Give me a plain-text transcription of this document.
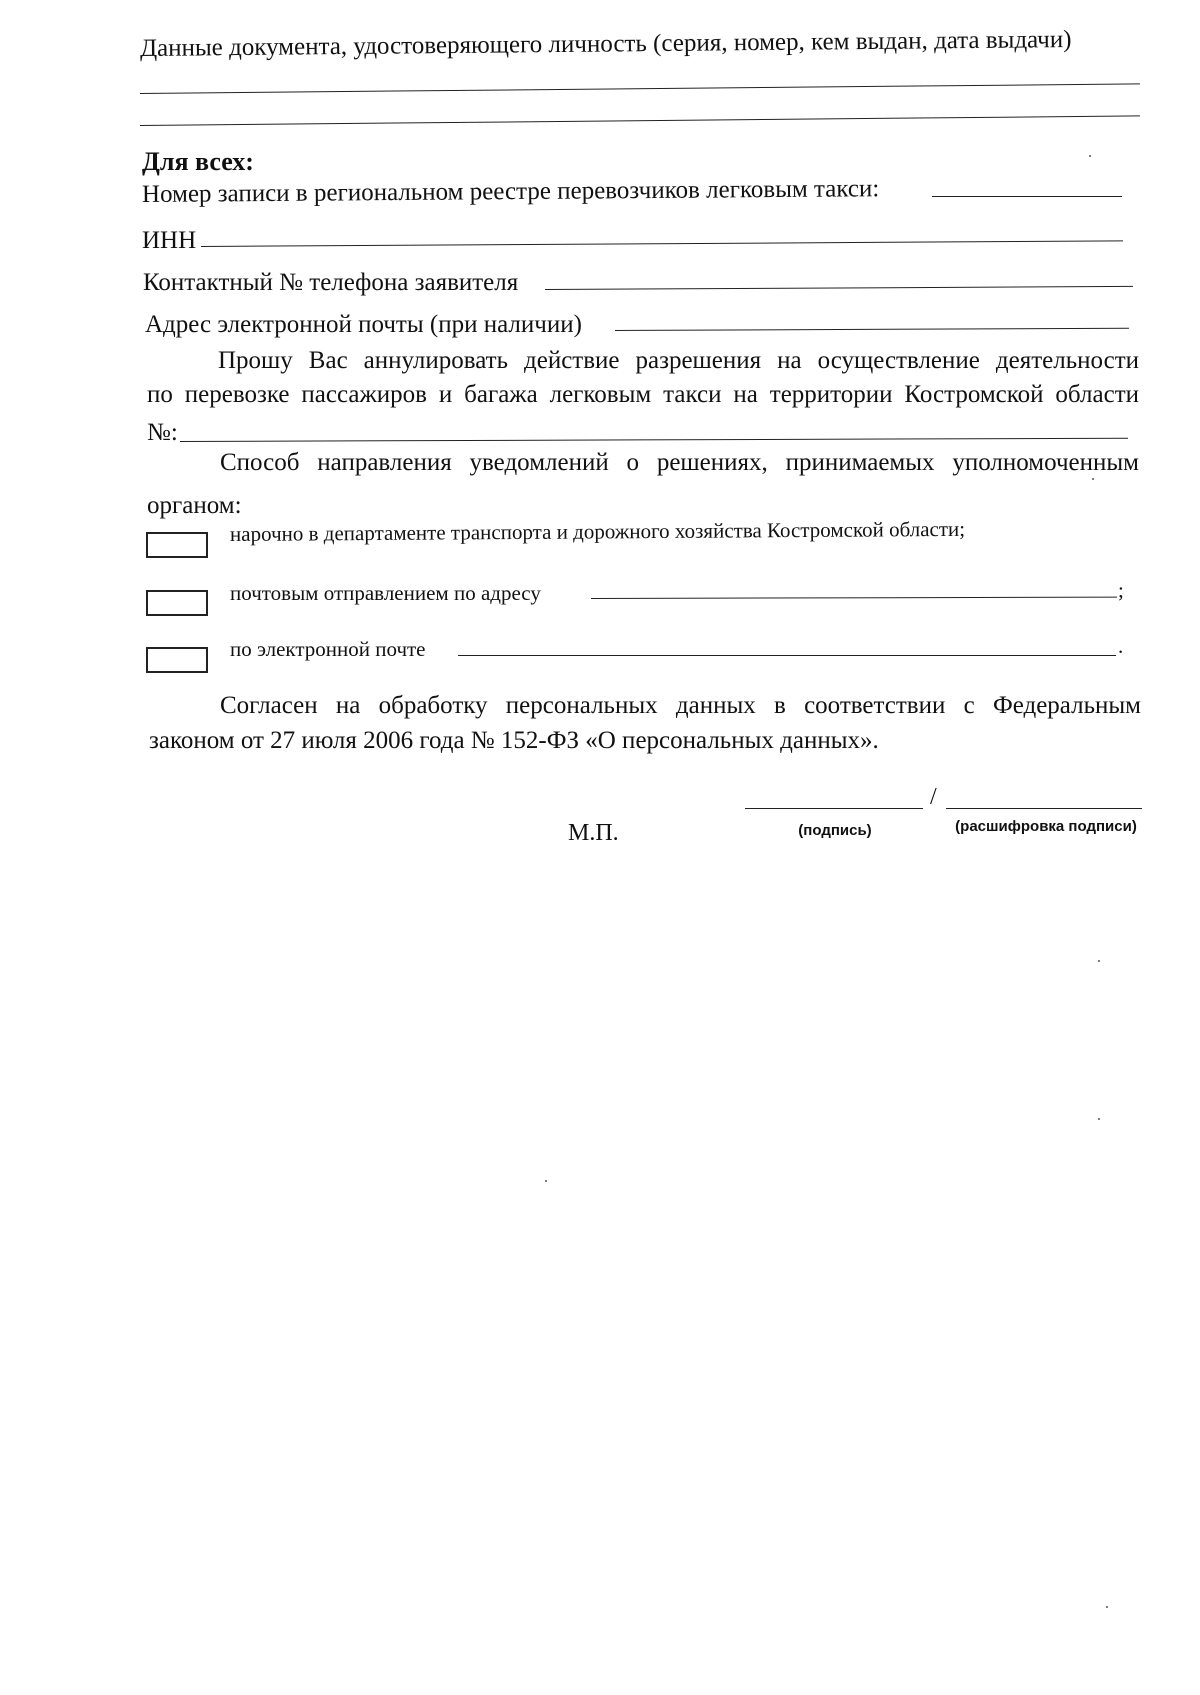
Данные документа, удостоверяющего личность (серия, номер, кем выдан, дата выдачи)
Для всех:
Номер записи в региональном реестре перевозчиков легковым такси:
ИНН
Контактный № телефона заявителя
Адрес электронной почты (при наличии)
Прошу Вас аннулировать действие разрешения на осуществление деятельности
по перевозке пассажиров и багажа легковым такси на территории Костромской области
№:
Способ направления уведомлений о решениях, принимаемых уполномоченным
органом:
нарочно в департаменте транспорта и дорожного хозяйства Костромской области;
почтовым отправлением по адресу	;
по электронной почте	.
Согласен на обработку персональных данных в соответствии с Федеральным
законом от 27 июля 2006 года № 152-ФЗ «О персональных данных».
/
М.П.	(подпись)	(расшифровка подписи)
